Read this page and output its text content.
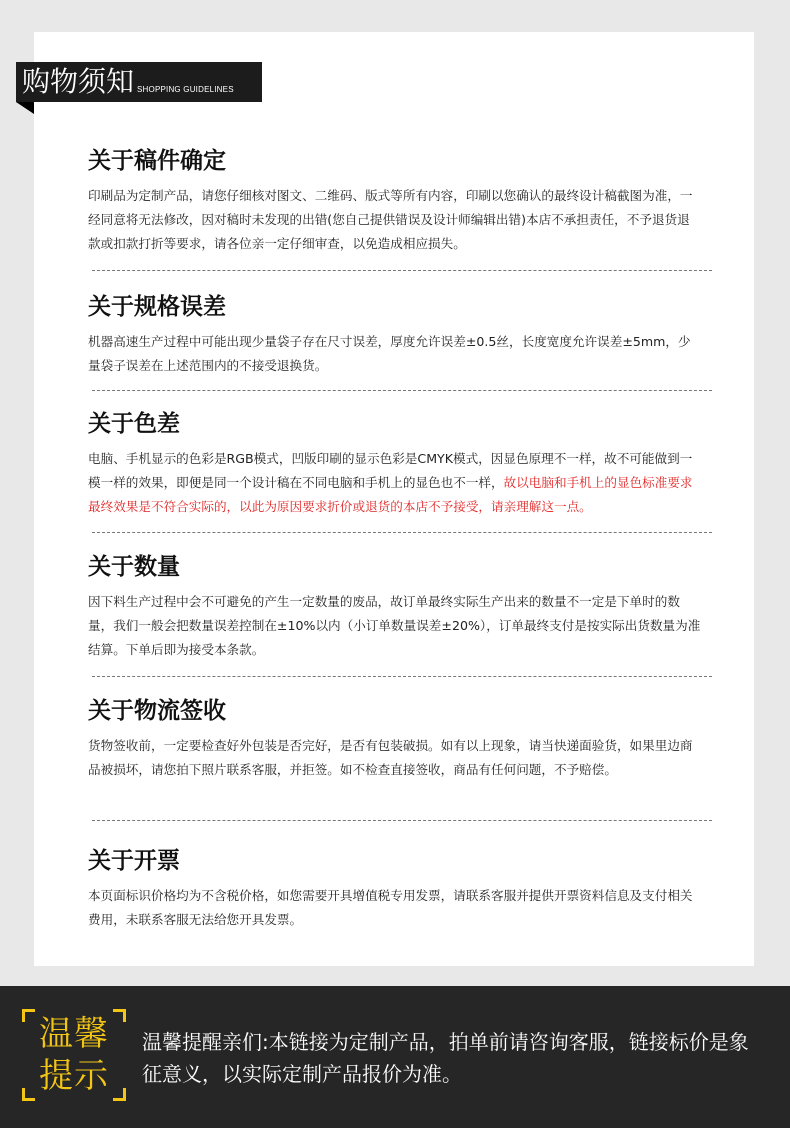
购物须知 SHOPPING GUIDELINES
关于稿件确定

印刷品为定制产品，请您仔细核对图文、二维码、版式等所有内容，印刷以您确认的最终设计稿截图为准，一经同意将无法修改，因对稿时未发现的出错(您自己提供错误及设计师编辑出错)本店不承担责任，不予退货退款或扣款打折等要求，请各位亲一定仔细审查，以免造成相应损失。

关于规格误差

机器高速生产过程中可能出现少量袋子存在尺寸误差，厚度允许误差±0.5丝，长度宽度允许误差±5mm，少量袋子误差在上述范围内的不接受退换货。

关于色差

电脑、手机显示的色彩是RGB模式，凹版印刷的显示色彩是CMYK模式，因显色原理不一样，故不可能做到一模一样的效果，即便是同一个设计稿在不同电脑和手机上的显色也不一样，故以电脑和手机上的显色标准要求最终效果是不符合实际的，以此为原因要求折价或退货的本店不予接受，请亲理解这一点。

关于数量

因下料生产过程中会不可避免的产生一定数量的废品，故订单最终实际生产出来的数量不一定是下单时的数量，我们一般会把数量误差控制在±10%以内（小订单数量误差±20%），订单最终支付是按实际出货数量为准结算。下单后即为接受本条款。

关于物流签收

货物签收前，一定要检查好外包装是否完好，是否有包装破损。如有以上现象，请当快递面验货，如果里边商品被损坏，请您拍下照片联系客服，并拒签。如不检查直接签收，商品有任何问题，不予赔偿。

关于开票

本页面标识价格均为不含税价格，如您需要开具增值税专用发票，请联系客服并提供开票资料信息及支付相关费用，未联系客服无法给您开具发票。

温馨
提示
温馨提醒亲们:本链接为定制产品，拍单前请咨询客服，链接标价是象征意义，以实际定制产品报价为准。
